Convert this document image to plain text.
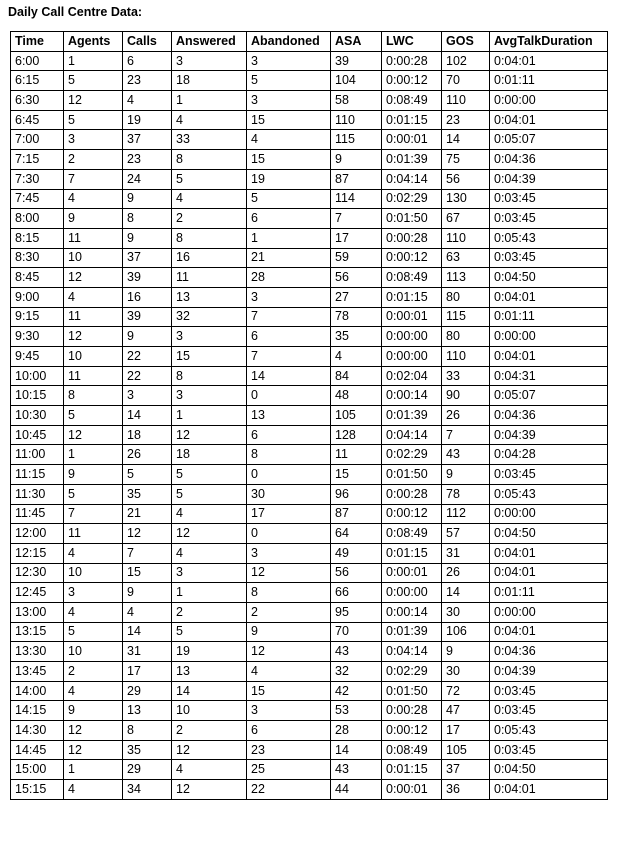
Daily Call Centre Data:
Time	Agents	Calls	Answered	Abandoned	ASA	LWC	GOS	AvgTalkDuration
6:00	1	6	3	3	39	0:00:28	102	0:04:01
6:15	5	23	18	5	104	0:00:12	70	0:01:11
6:30	12	4	1	3	58	0:08:49	110	0:00:00
6:45	5	19	4	15	110	0:01:15	23	0:04:01
7:00	3	37	33	4	115	0:00:01	14	0:05:07
7:15	2	23	8	15	9	0:01:39	75	0:04:36
7:30	7	24	5	19	87	0:04:14	56	0:04:39
7:45	4	9	4	5	114	0:02:29	130	0:03:45
8:00	9	8	2	6	7	0:01:50	67	0:03:45
8:15	11	9	8	1	17	0:00:28	110	0:05:43
8:30	10	37	16	21	59	0:00:12	63	0:03:45
8:45	12	39	11	28	56	0:08:49	113	0:04:50
9:00	4	16	13	3	27	0:01:15	80	0:04:01
9:15	11	39	32	7	78	0:00:01	115	0:01:11
9:30	12	9	3	6	35	0:00:00	80	0:00:00
9:45	10	22	15	7	4	0:00:00	110	0:04:01
10:00	11	22	8	14	84	0:02:04	33	0:04:31
10:15	8	3	3	0	48	0:00:14	90	0:05:07
10:30	5	14	1	13	105	0:01:39	26	0:04:36
10:45	12	18	12	6	128	0:04:14	7	0:04:39
11:00	1	26	18	8	11	0:02:29	43	0:04:28
11:15	9	5	5	0	15	0:01:50	9	0:03:45
11:30	5	35	5	30	96	0:00:28	78	0:05:43
11:45	7	21	4	17	87	0:00:12	112	0:00:00
12:00	11	12	12	0	64	0:08:49	57	0:04:50
12:15	4	7	4	3	49	0:01:15	31	0:04:01
12:30	10	15	3	12	56	0:00:01	26	0:04:01
12:45	3	9	1	8	66	0:00:00	14	0:01:11
13:00	4	4	2	2	95	0:00:14	30	0:00:00
13:15	5	14	5	9	70	0:01:39	106	0:04:01
13:30	10	31	19	12	43	0:04:14	9	0:04:36
13:45	2	17	13	4	32	0:02:29	30	0:04:39
14:00	4	29	14	15	42	0:01:50	72	0:03:45
14:15	9	13	10	3	53	0:00:28	47	0:03:45
14:30	12	8	2	6	28	0:00:12	17	0:05:43
14:45	12	35	12	23	14	0:08:49	105	0:03:45
15:00	1	29	4	25	43	0:01:15	37	0:04:50
15:15	4	34	12	22	44	0:00:01	36	0:04:01
